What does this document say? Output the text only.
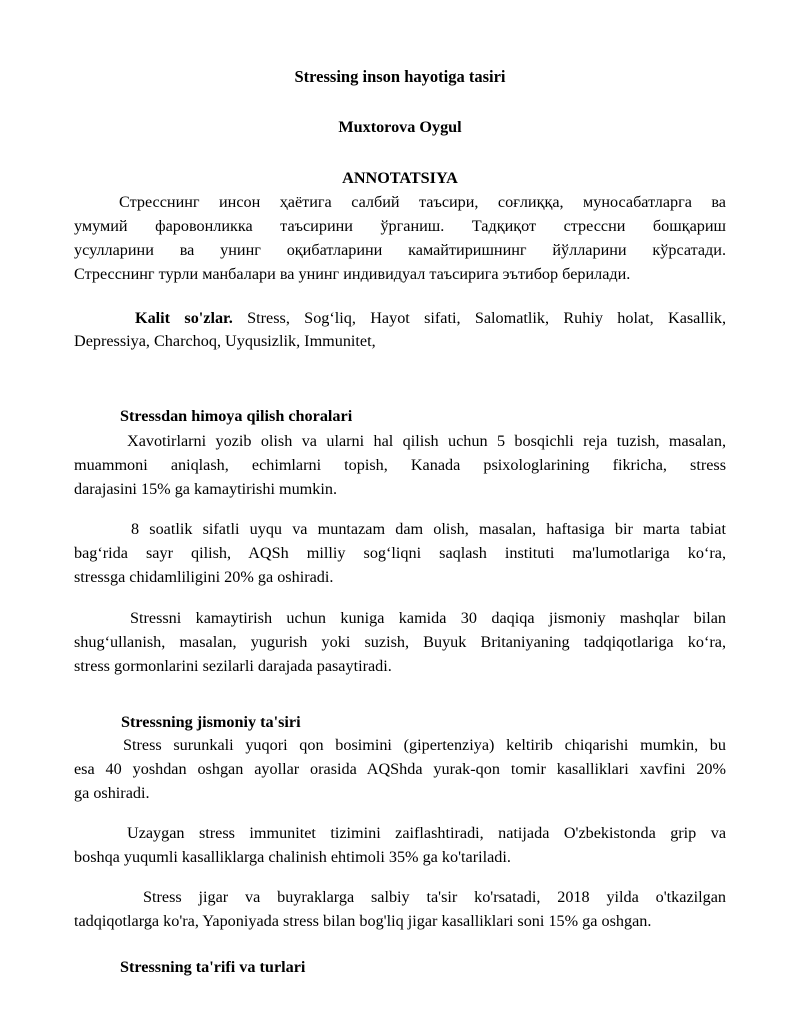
Stressing inson hayotiga tasiri
Muxtorova Oygul
ANNOTATSIYA
Стресснинг инсон ҳаётига салбий таъсири, соғлиққа, муносабатларга ва
умумий фаровонликка таъсирини ўрганиш. Тадқиқот стрессни бошқариш
усулларини ва унинг оқибатларини камайтиришнинг йўлларини кўрсатади.
Стресснинг турли манбалари ва унинг индивидуал таъсирига эътибор берилади.
Kalit so'zlar. Stress, Sog‘liq, Hayot sifati, Salomatlik, Ruhiy holat, Kasallik,
Depressiya, Charchoq, Uyqusizlik, Immunitet,
Stressdan himoya qilish choralari
Xavotirlarni yozib olish va ularni hal qilish uchun 5 bosqichli reja tuzish, masalan,
muammoni aniqlash, echimlarni topish, Kanada psixologlarining fikricha, stress
darajasini 15% ga kamaytirishi mumkin.
8 soatlik sifatli uyqu va muntazam dam olish, masalan, haftasiga bir marta tabiat
bag‘rida sayr qilish, AQSh milliy sog‘liqni saqlash instituti ma'lumotlariga ko‘ra,
stressga chidamliligini 20% ga oshiradi.
Stressni kamaytirish uchun kuniga kamida 30 daqiqa jismoniy mashqlar bilan
shug‘ullanish, masalan, yugurish yoki suzish, Buyuk Britaniyaning tadqiqotlariga ko‘ra,
stress gormonlarini sezilarli darajada pasaytiradi.
Stressning jismoniy ta'siri
Stress surunkali yuqori qon bosimini (gipertenziya) keltirib chiqarishi mumkin, bu
esa 40 yoshdan oshgan ayollar orasida AQShda yurak-qon tomir kasalliklari xavfini 20%
ga oshiradi.
Uzaygan stress immunitet tizimini zaiflashtiradi, natijada O'zbekistonda grip va
boshqa yuqumli kasalliklarga chalinish ehtimoli 35% ga ko'tariladi.
Stress jigar va buyraklarga salbiy ta'sir ko'rsatadi, 2018 yilda o'tkazilgan
tadqiqotlarga ko'ra, Yaponiyada stress bilan bog'liq jigar kasalliklari soni 15% ga oshgan.
Stressning ta'rifi va turlari
